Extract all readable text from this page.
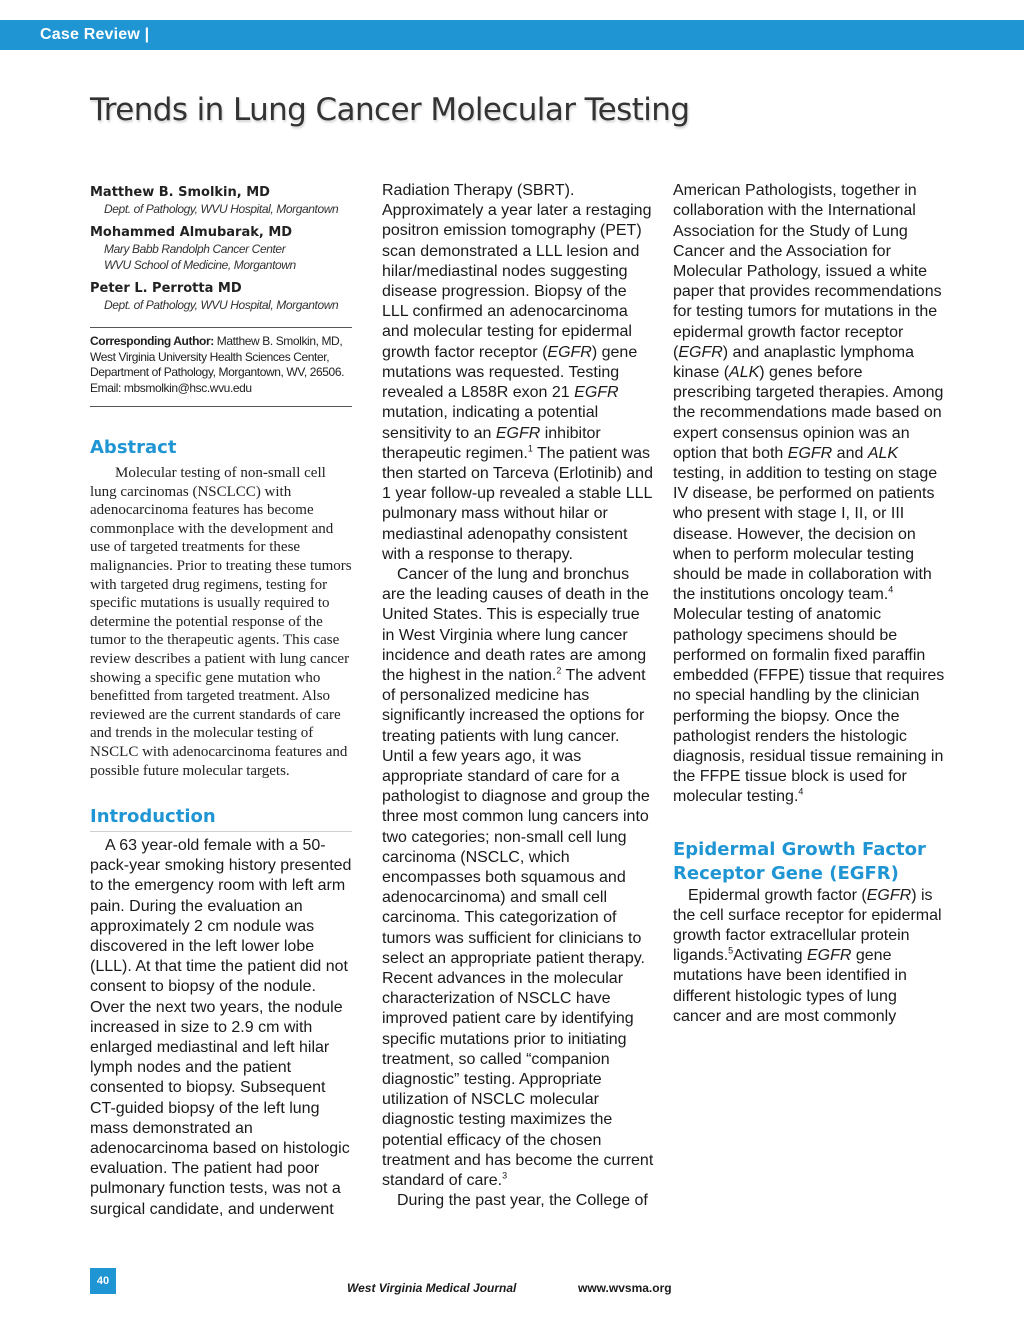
Case Review |
Trends in Lung Cancer Molecular Testing
Matthew B. Smolkin, MD
Dept. of Pathology, WVU Hospital, Morgantown
Mohammed Almubarak, MD
Mary Babb Randolph Cancer Center
WVU School of Medicine, Morgantown
Peter L. Perrotta MD
Dept. of Pathology, WVU Hospital, Morgantown
Corresponding Author: Matthew B. Smolkin, MD, West Virginia University Health Sciences Center, Department of Pathology, Morgantown, WV, 26506. Email: mbsmolkin@hsc.wvu.edu
Abstract

Molecular testing of non-small cell lung carcinomas (NSCLCC) with adenocarcinoma features has become commonplace with the development and use of targeted treatments for these malignancies. Prior to treating these tumors with targeted drug regimens, testing for specific mutations is usually required to determine the potential response of the tumor to the therapeutic agents. This case review describes a patient with lung cancer showing a specific gene mutation who benefitted from targeted treatment. Also reviewed are the current standards of care and trends in the molecular testing of NSCLC with adenocarcinoma features and possible future molecular targets.

Introduction
40	West Virginia Medical Journal	www.wvsma.org

A 63 year-old female with a 50-pack-year smoking history presented to the emergency room with left arm pain. During the evaluation an approximately 2 cm nodule was discovered in the left lower lobe (LLL). At that time the patient did not consent to biopsy of the nodule. Over the next two years, the nodule increased in size to 2.9 cm with enlarged mediastinal and left hilar lymph nodes and the patient consented to biopsy. Subsequent CT-guided biopsy of the left lung mass demonstrated an adenocarcinoma based on histologic evaluation. The patient had poor pulmonary function tests, was not a surgical candidate, and underwent

Radiation Therapy (SBRT). Approximately a year later a restaging positron emission tomography (PET) scan demonstrated a LLL lesion and hilar/mediastinal nodes suggesting disease progression. Biopsy of the LLL confirmed an adenocarcinoma and molecular testing for epidermal growth factor receptor (EGFR) gene mutations was requested. Testing revealed a L858R exon 21 EGFR mutation, indicating a potential sensitivity to an EGFR inhibitor therapeutic regimen.$^1$ The patient was then started on Tarceva (Erlotinib) and 1 year follow-up revealed a stable LLL pulmonary mass without hilar or mediastinal adenopathy consistent with a response to therapy.

Cancer of the lung and bronchus are the leading causes of death in the United States. This is especially true in West Virginia where lung cancer incidence and death rates are among the highest in the nation.$^2$ The advent of personalized medicine has significantly increased the options for treating patients with lung cancer. Until a few years ago, it was appropriate standard of care for a pathologist to diagnose and group the three most common lung cancers into two categories; non-small cell lung carcinoma (NSCLC, which encompasses both squamous and adenocarcinoma) and small cell carcinoma. This categorization of tumors was sufficient for clinicians to select an appropriate patient therapy. Recent advances in the molecular characterization of NSCLC have improved patient care by identifying specific mutations prior to initiating treatment, so called “companion diagnostic” testing. Appropriate utilization of NSCLC molecular diagnostic testing maximizes the potential efficacy of the chosen treatment and has become the current standard of care.$^3$

During the past year, the College of

American Pathologists, together in collaboration with the International Association for the Study of Lung Cancer and the Association for Molecular Pathology, issued a white paper that provides recommendations for testing tumors for mutations in the epidermal growth factor receptor (EGFR) and anaplastic lymphoma kinase (ALK) genes before prescribing targeted therapies. Among the recommendations made based on expert consensus opinion was an option that both EGFR and ALK testing, in addition to testing on stage IV disease, be performed on patients who present with stage I, II, or III disease. However, the decision on when to perform molecular testing should be made in collaboration with the institutions oncology team.$^4$ Molecular testing of anatomic pathology specimens should be performed on formalin fixed paraffin embedded (FFPE) tissue that requires no special handling by the clinician performing the biopsy. Once the pathologist renders the histologic diagnosis, residual tissue remaining in the FFPE tissue block is used for molecular testing.$^4$

Epidermal Growth Factor Receptor Gene (EGFR)

Epidermal growth factor (EGFR) is the cell surface receptor for epidermal growth factor extracellular protein ligands.$^5$Activating EGFR gene mutations have been identified in different histologic types of lung cancer and are most commonly
